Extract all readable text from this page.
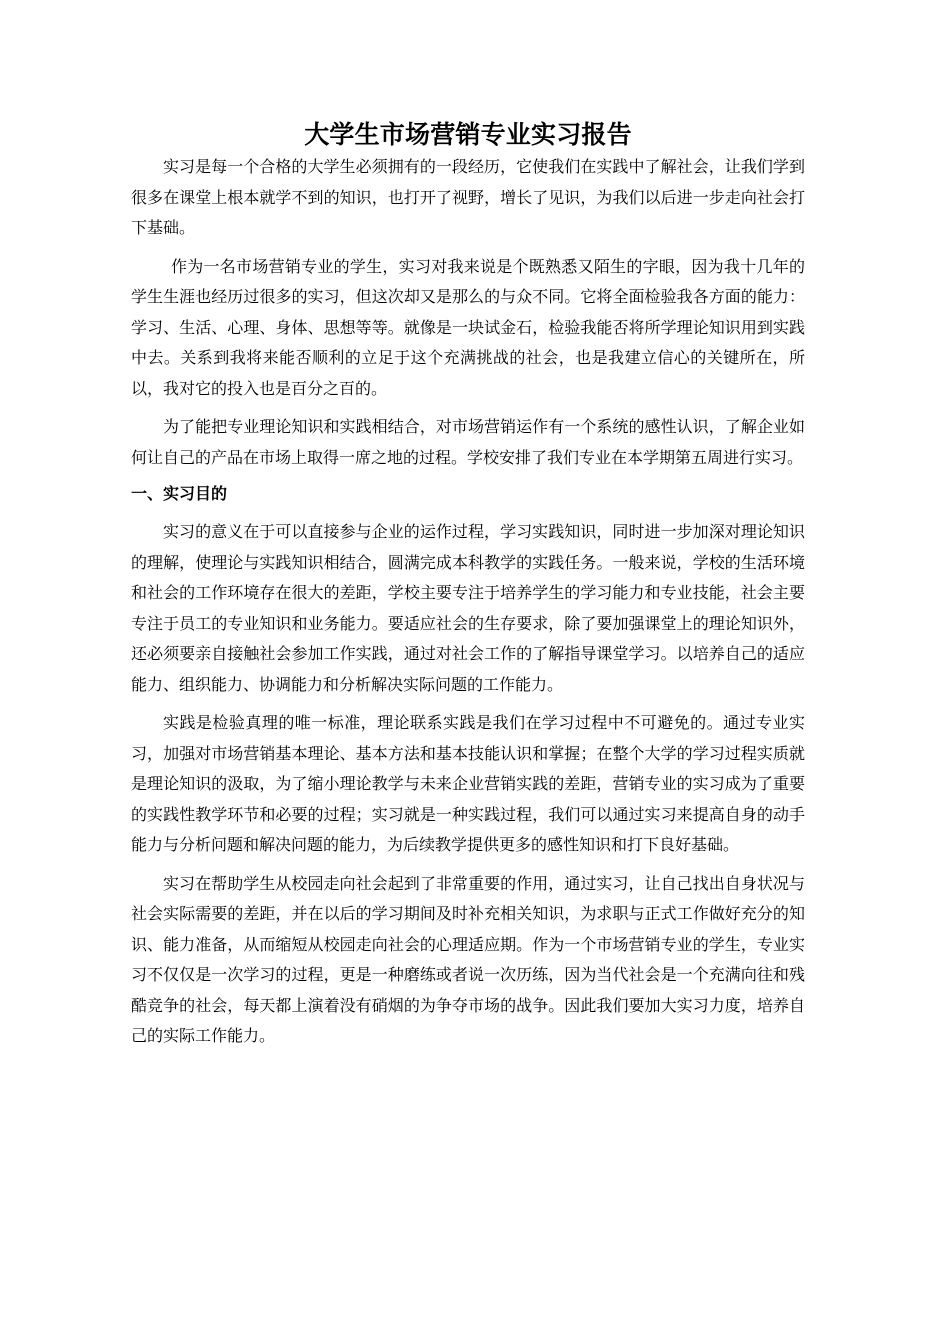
大学生市场营销专业实习报告

实习是每一个合格的大学生必须拥有的一段经历，它使我们在实践中了解社会，让我们学到很多在课堂上根本就学不到的知识，也打开了视野，增长了见识，为我们以后进一步走向社会打下基础。

作为一名市场营销专业的学生，实习对我来说是个既熟悉又陌生的字眼，因为我十几年的学生生涯也经历过很多的实习，但这次却又是那么的与众不同。它将全面检验我各方面的能力：学习、生活、心理、身体、思想等等。就像是一块试金石，检验我能否将所学理论知识用到实践中去。关系到我将来能否顺利的立足于这个充满挑战的社会，也是我建立信心的关键所在，所以，我对它的投入也是百分之百的。

为了能把专业理论知识和实践相结合，对市场营销运作有一个系统的感性认识，了解企业如何让自己的产品在市场上取得一席之地的过程。学校安排了我们专业在本学期第五周进行实习。

一、实习目的

实习的意义在于可以直接参与企业的运作过程，学习实践知识，同时进一步加深对理论知识的理解，使理论与实践知识相结合，圆满完成本科教学的实践任务。一般来说，学校的生活环境和社会的工作环境存在很大的差距，学校主要专注于培养学生的学习能力和专业技能，社会主要专注于员工的专业知识和业务能力。要适应社会的生存要求，除了要加强课堂上的理论知识外，还必须要亲自接触社会参加工作实践，通过对社会工作的了解指导课堂学习。以培养自己的适应能力、组织能力、协调能力和分析解决实际问题的工作能力。

实践是检验真理的唯一标准，理论联系实践是我们在学习过程中不可避免的。通过专业实习，加强对市场营销基本理论、基本方法和基本技能认识和掌握；在整个大学的学习过程实质就是理论知识的汲取，为了缩小理论教学与未来企业营销实践的差距，营销专业的实习成为了重要的实践性教学环节和必要的过程；实习就是一种实践过程，我们可以通过实习来提高自身的动手能力与分析问题和解决问题的能力，为后续教学提供更多的感性知识和打下良好基础。

实习在帮助学生从校园走向社会起到了非常重要的作用，通过实习，让自己找出自身状况与社会实际需要的差距，并在以后的学习期间及时补充相关知识，为求职与正式工作做好充分的知识、能力准备，从而缩短从校园走向社会的心理适应期。作为一个市场营销专业的学生，专业实习不仅仅是一次学习的过程，更是一种磨练或者说一次历练，因为当代社会是一个充满向往和残酷竞争的社会，每天都上演着没有硝烟的为争夺市场的战争。因此我们要加大实习力度，培养自己的实际工作能力。
